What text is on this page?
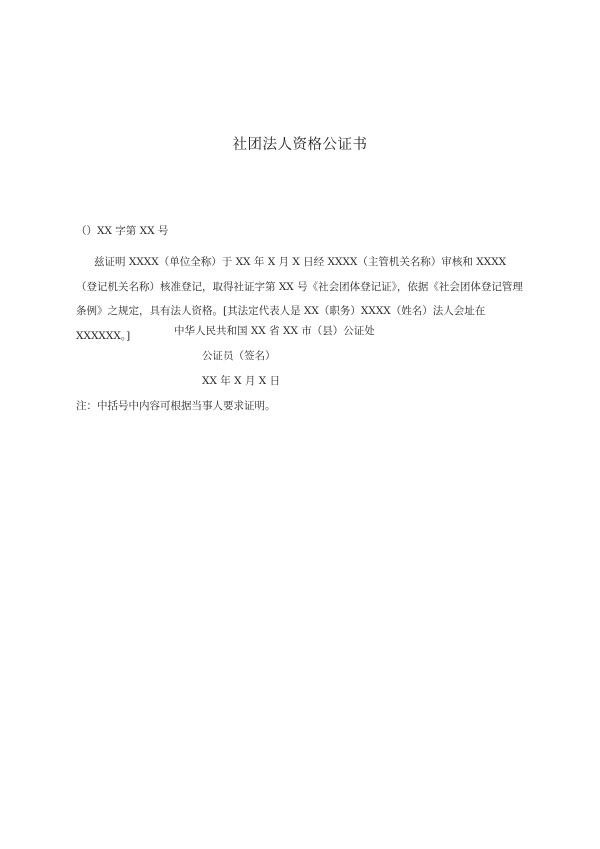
社团法人资格公证书
（）XX 字第 XX 号
兹证明 XXXX（单位全称）于 XX 年 X 月 X 日经 XXXX（主管机关名称）审核和 XXXX（登记机关名称）核准登记，取得社证字第 XX 号《社会团体登记证》，依据《社会团体登记管理条例》之规定，具有法人资格。[其法定代表人是 XX（职务）XXXX（姓名）法人会址在 XXXXXX。]	中华人民共和国 XX 省 XX 市（县）公证处
公证员（签名）
XX 年 X 月 X 日
注：中括号中内容可根据当事人要求证明。
